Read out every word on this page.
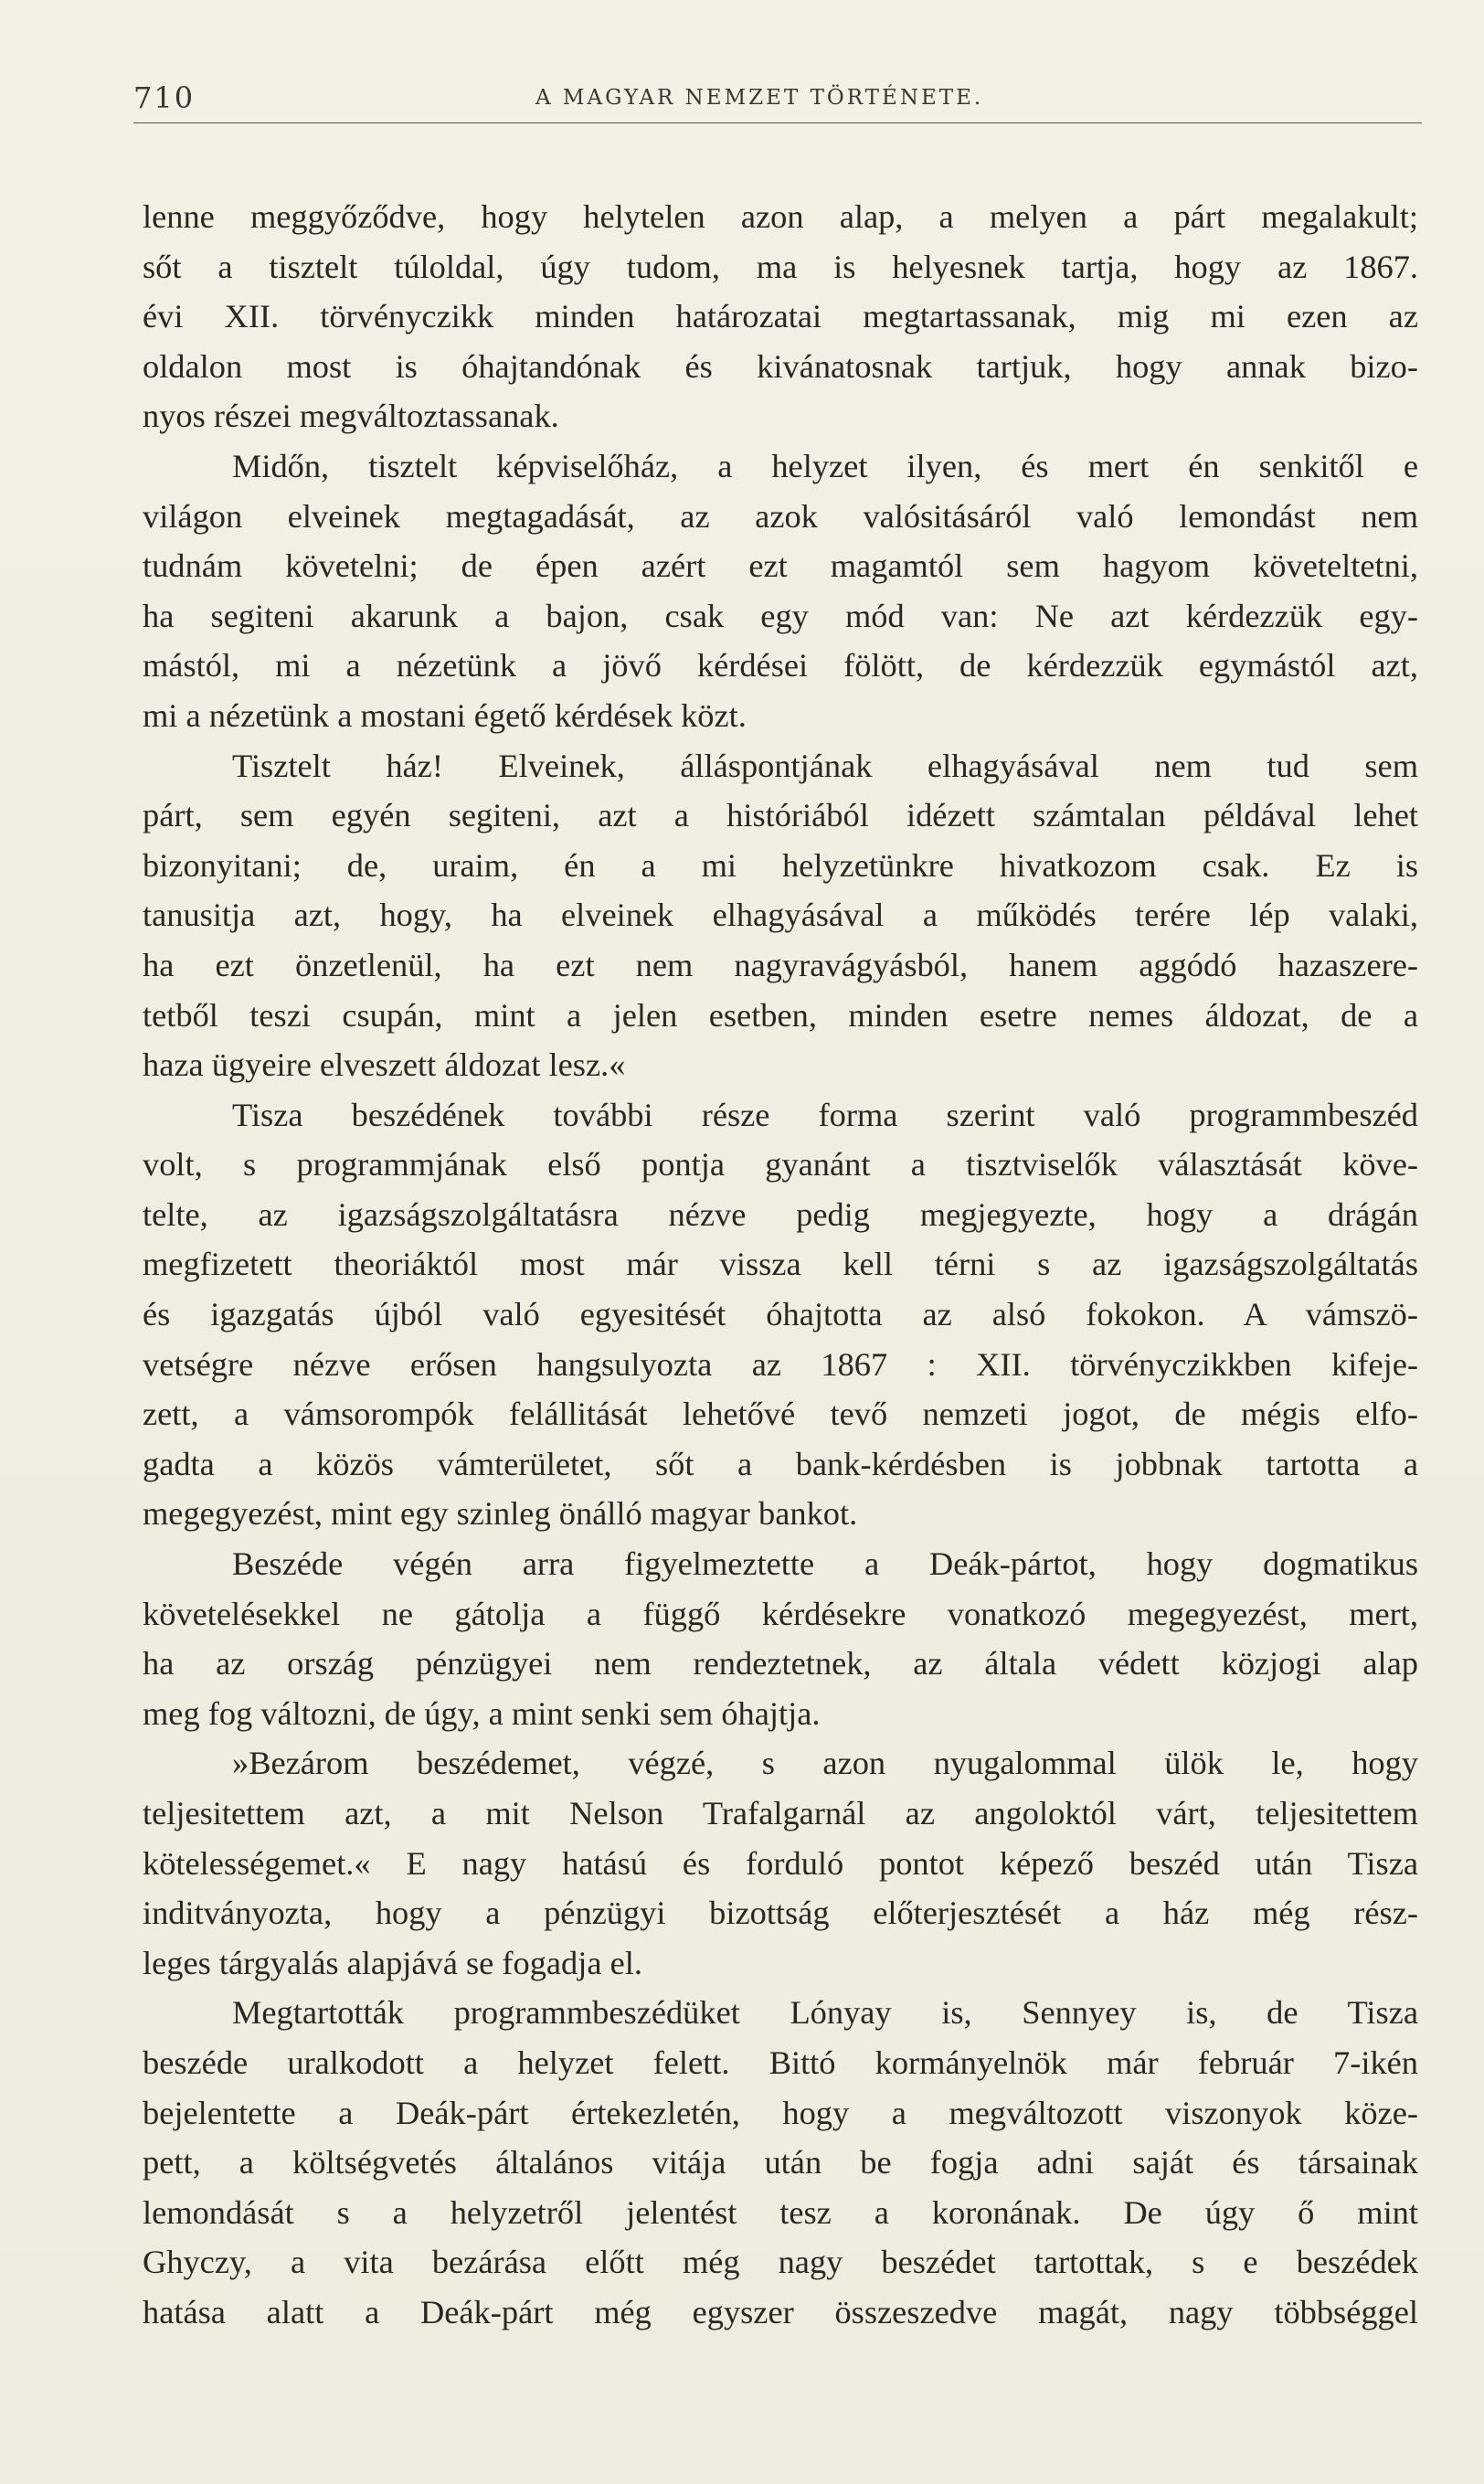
710	A MAGYAR NEMZET TÖRTÉNETE.
lenne meggyőződve, hogy helytelen azon alap, a melyen a párt megalakult;
sőt a tisztelt túloldal, úgy tudom, ma is helyesnek tartja, hogy az 1867.
évi XII. törvényczikk minden határozatai megtartassanak, mig mi ezen az
oldalon most is óhajtandónak és kivánatosnak tartjuk, hogy annak bizo-
nyos részei megváltoztassanak.
Midőn, tisztelt képviselőház, a helyzet ilyen, és mert én senkitől e
világon elveinek megtagadását, az azok valósitásáról való lemondást nem
tudnám követelni; de épen azért ezt magamtól sem hagyom követeltetni,
ha segiteni akarunk a bajon, csak egy mód van: Ne azt kérdezzük egy-
mástól, mi a nézetünk a jövő kérdései fölött, de kérdezzük egymástól azt,
mi a nézetünk a mostani égető kérdések közt.
Tisztelt ház! Elveinek, álláspontjának elhagyásával nem tud sem
párt, sem egyén segiteni, azt a históriából idézett számtalan példával lehet
bizonyitani; de, uraim, én a mi helyzetünkre hivatkozom csak. Ez is
tanusitja azt, hogy, ha elveinek elhagyásával a működés terére lép valaki,
ha ezt önzetlenül, ha ezt nem nagyravágyásból, hanem aggódó hazaszere-
tetből teszi csupán, mint a jelen esetben, minden esetre nemes áldozat, de a
haza ügyeire elveszett áldozat lesz.«
Tisza beszédének további része forma szerint való programmbeszéd
volt, s programmjának első pontja gyanánt a tisztviselők választását köve-
telte, az igazságszolgáltatásra nézve pedig megjegyezte, hogy a drágán
megfizetett theoriáktól most már vissza kell térni s az igazságszolgáltatás
és igazgatás újból való egyesitését óhajtotta az alsó fokokon. A vámszö-
vetségre nézve erősen hangsulyozta az 1867 : XII. törvényczikkben kifeje-
zett, a vámsorompók felállitását lehetővé tevő nemzeti jogot, de mégis elfo-
gadta a közös vámterületet, sőt a bank-kérdésben is jobbnak tartotta a
megegyezést, mint egy szinleg önálló magyar bankot.
Beszéde végén arra figyelmeztette a Deák-pártot, hogy dogmatikus
követelésekkel ne gátolja a függő kérdésekre vonatkozó megegyezést, mert,
ha az ország pénzügyei nem rendeztetnek, az általa védett közjogi alap
meg fog változni, de úgy, a mint senki sem óhajtja.
»Bezárom beszédemet, végzé, s azon nyugalommal ülök le, hogy
teljesitettem azt, a mit Nelson Trafalgarnál az angoloktól várt, teljesitettem
kötelességemet.« E nagy hatású és forduló pontot képező beszéd után Tisza
inditványozta, hogy a pénzügyi bizottság előterjesztését a ház még rész-
leges tárgyalás alapjává se fogadja el.
Megtartották programmbeszédüket Lónyay is, Sennyey is, de Tisza
beszéde uralkodott a helyzet felett. Bittó kormányelnök már február 7-ikén
bejelentette a Deák-párt értekezletén, hogy a megváltozott viszonyok köze-
pett, a költségvetés általános vitája után be fogja adni saját és társainak
lemondását s a helyzetről jelentést tesz a koronának. De úgy ő mint
Ghyczy, a vita bezárása előtt még nagy beszédet tartottak, s e beszédek
hatása alatt a Deák-párt még egyszer összeszedve magát, nagy többséggel
